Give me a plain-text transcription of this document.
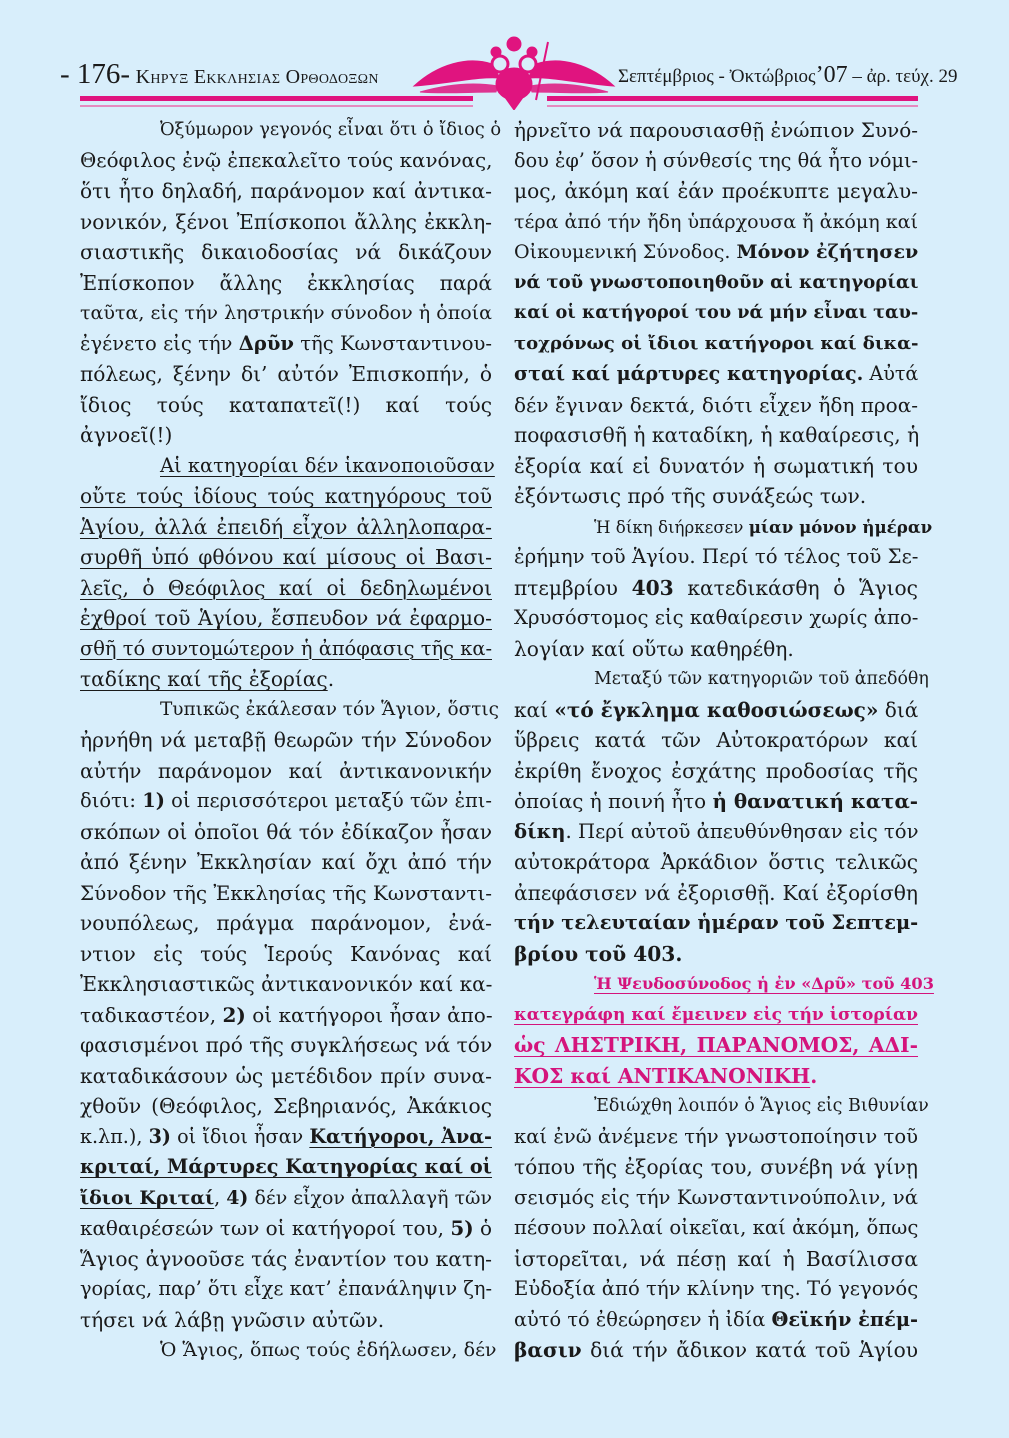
- 176- Κηρυξ Εκκλησιας Ορθοδοξων	Σεπτέμβριος - Ὀκτώβριος’07 – ἀρ. τεύχ. 29
Ὀξύμωρον γεγονός εἶναι ὅτι ὁ ἴδιος ὁ
Θεόφιλος ἐνῷ ἐπεκαλεῖτο τούς κανόνας,
ὅτι ἦτο δηλαδή, παράνομον καί ἀντικα-
νονικόν, ξένοι Ἐπίσκοποι ἄλλης ἐκκλη-
σιαστικῆς δικαιοδοσίας νά δικάζουν
Ἐπίσκοπον ἄλλης ἐκκλησίας παρά
ταῦτα, εἰς τήν ληστρικήν σύνοδον ἡ ὁποία
ἐγένετο εἰς τήν Δρῦν τῆς Κωνσταντινου-
πόλεως, ξένην δι’ αὐτόν Ἐπισκοπήν, ὁ
ἴδιος τούς καταπατεῖ(!) καί τούς
ἀγνοεῖ(!)
Αἱ κατηγορίαι δέν ἱκανοποιοῦσαν
οὔτε τούς ἰδίους τούς κατηγόρους τοῦ
Ἁγίου, ἀλλά ἐπειδή εἶχον ἀλληλοπαρα-
συρθῆ ὑπό φθόνου καί μίσους οἱ Βασι-
λεῖς, ὁ Θεόφιλος καί οἱ δεδηλωμένοι
ἐχθροί τοῦ Ἁγίου, ἔσπευδον νά ἐφαρμο-
σθῆ τό συντομώτερον ἡ ἀπόφασις τῆς κα-
ταδίκης καί τῆς ἐξορίας.
Τυπικῶς ἐκάλεσαν τόν Ἅγιον, ὅστις
ἠρνήθη νά μεταβῇ θεωρῶν τήν Σύνοδον
αὐτήν παράνομον καί ἀντικανονικήν
διότι: 1) οἱ περισσότεροι μεταξύ τῶν ἐπι-
σκόπων οἱ ὁποῖοι θά τόν ἐδίκαζον ἦσαν
ἀπό ξένην Ἐκκλησίαν καί ὄχι ἀπό τήν
Σύνοδον τῆς Ἐκκλησίας τῆς Κωνσταντι-
νουπόλεως, πράγμα παράνομον, ἐνά-
ντιον εἰς τούς Ἱερούς Κανόνας καί
Ἐκκλησιαστικῶς ἀντικανονικόν καί κα-
ταδικαστέον, 2) οἱ κατήγοροι ἦσαν ἀπο-
φασισμένοι πρό τῆς συγκλήσεως νά τόν
καταδικάσουν ὡς μετέδιδον πρίν συνα-
χθοῦν (Θεόφιλος, Σεβηριανός, Ἀκάκιος
κ.λπ.), 3) οἱ ἴδιοι ἦσαν Κατήγοροι, Ἀνα-
κριταί, Μάρτυρες Κατηγορίας καί οἱ
ἴδιοι Κριταί, 4) δέν εἶχον ἀπαλλαγῆ τῶν
καθαιρέσεών των οἱ κατήγοροί του, 5) ὁ
Ἅγιος ἀγνοοῦσε τάς ἐναντίον του κατη-
γορίας, παρ’ ὅτι εἶχε κατ’ ἐπανάληψιν ζη-
τήσει νά λάβῃ γνῶσιν αὐτῶν.
Ὁ Ἅγιος, ὅπως τούς ἐδήλωσεν, δέν
ἠρνεῖτο νά παρουσιασθῇ ἐνώπιον Συνό-
δου ἐφ’ ὅσον ἡ σύνθεσίς της θά ἦτο νόμι-
μος, ἀκόμη καί ἐάν προέκυπτε μεγαλυ-
τέρα ἀπό τήν ἤδη ὑπάρχουσα ἤ ἀκόμη καί
Οἰκουμενική Σύνοδος. Μόνον ἐζήτησεν
νά τοῦ γνωστοποιηθοῦν αἱ κατηγορίαι
καί οἱ κατήγοροί του νά μήν εἶναι ταυ-
τοχρόνως οἱ ἴδιοι κατήγοροι καί δικα-
σταί καί μάρτυρες κατηγορίας. Αὐτά
δέν ἔγιναν δεκτά, διότι εἶχεν ἤδη προα-
ποφασισθῆ ἡ καταδίκη, ἡ καθαίρεσις, ἡ
ἐξορία καί εἰ δυνατόν ἡ σωματική του
ἐξόντωσις πρό τῆς συνάξεώς των.
Ἡ δίκη διήρκεσεν μίαν μόνον ἡμέραν
ἐρήμην τοῦ Ἁγίου. Περί τό τέλος τοῦ Σε-
πτεμβρίου 403 κατεδικάσθη ὁ Ἅγιος
Χρυσόστομος εἰς καθαίρεσιν χωρίς ἀπο-
λογίαν καί οὕτω καθηρέθη.
Μεταξύ τῶν κατηγοριῶν τοῦ ἀπεδόθη
καί «τό ἔγκλημα καθοσιώσεως» διά
ὕβρεις κατά τῶν Αὐτοκρατόρων καί
ἐκρίθη ἔνοχος ἐσχάτης προδοσίας τῆς
ὁποίας ἡ ποινή ἦτο ἡ θανατική κατα-
δίκη. Περί αὐτοῦ ἀπευθύνθησαν εἰς τόν
αὐτοκράτορα Ἀρκάδιον ὅστις τελικῶς
ἀπεφάσισεν νά ἐξορισθῇ. Καί ἐξορίσθη
τήν τελευταίαν ἡμέραν τοῦ Σεπτεμ-
βρίου τοῦ 403.
Ἡ Ψευδοσύνοδος ἡ ἐν «Δρῦ» τοῦ 403
κατεγράφη καί ἔμεινεν εἰς τήν ἱστορίαν
ὡς ΛΗΣΤΡΙΚΗ, ΠΑΡΑΝΟΜΟΣ, ΑΔΙ-
ΚΟΣ καί ΑΝΤΙΚΑΝΟΝΙΚΗ.
Ἐδιώχθη λοιπόν ὁ Ἅγιος εἰς Βιθυνίαν
καί ἐνῶ ἀνέμενε τήν γνωστοποίησιν τοῦ
τόπου τῆς ἐξορίας του, συνέβη νά γίνῃ
σεισμός εἰς τήν Κωνσταντινούπολιν, νά
πέσουν πολλαί οἰκεῖαι, καί ἀκόμη, ὅπως
ἱστορεῖται, νά πέσῃ καί ἡ Βασίλισσα
Εὐδοξία ἀπό τήν κλίνην της. Τό γεγονός
αὐτό τό ἐθεώρησεν ἡ ἰδία Θεϊκήν ἐπέμ-
βασιν διά τήν ἄδικον κατά τοῦ Ἁγίου
